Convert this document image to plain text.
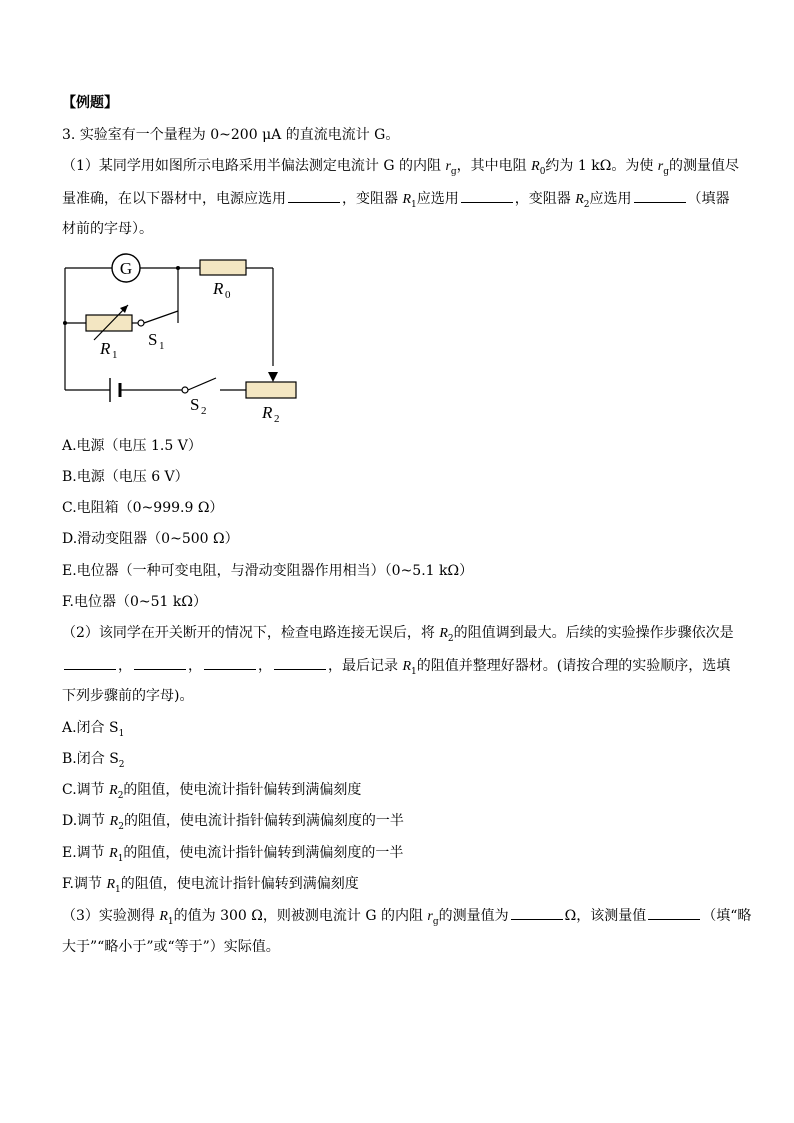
【例题】
3. 实验室有一个量程为 0~200 μA 的直流电流计 G。
（1）某同学用如图所示电路采用半偏法测定电流计 G 的内阻 $r_g$，其中电阻 $R_0$约为 1 kΩ。为使 $r_g$的测量值尽
量准确，在以下器材中，电源应选用	，变阻器 $R_1$应选用	，变阻器 $R_2$应选用	（填器
材前的字母）。
G
R 0
R 1
S 1
S 2	R 2
A.电源（电压 1.5 V）
B.电源（电压 6 V）
C.电阻箱（0~999.9 Ω）
D.滑动变阻器（0~500 Ω）
E.电位器（一种可变电阻，与滑动变阻器作用相当）（0~5.1 kΩ）
F.电位器（0~51 kΩ）
（2）该同学在开关断开的情况下，检查电路连接无误后，将 $R_2$的阻值调到最大。后续的实验操作步骤依次是
，	，	，	，最后记录 $R_1$的阻值并整理好器材。(请按合理的实验顺序，选填
下列步骤前的字母)。
A.闭合 $S_1$
B.闭合 $S_2$
C.调节 $R_2$的阻值，使电流计指针偏转到满偏刻度
D.调节 $R_2$的阻值，使电流计指针偏转到满偏刻度的一半
E.调节 $R_1$的阻值，使电流计指针偏转到满偏刻度的一半
F.调节 $R_1$的阻值，使电流计指针偏转到满偏刻度
（3）实验测得 $R_1$的值为 300 Ω，则被测电流计 G 的内阻 $r_g$的测量值为	Ω，该测量值	（填“略
大于”“略小于”或“等于”）实际值。
